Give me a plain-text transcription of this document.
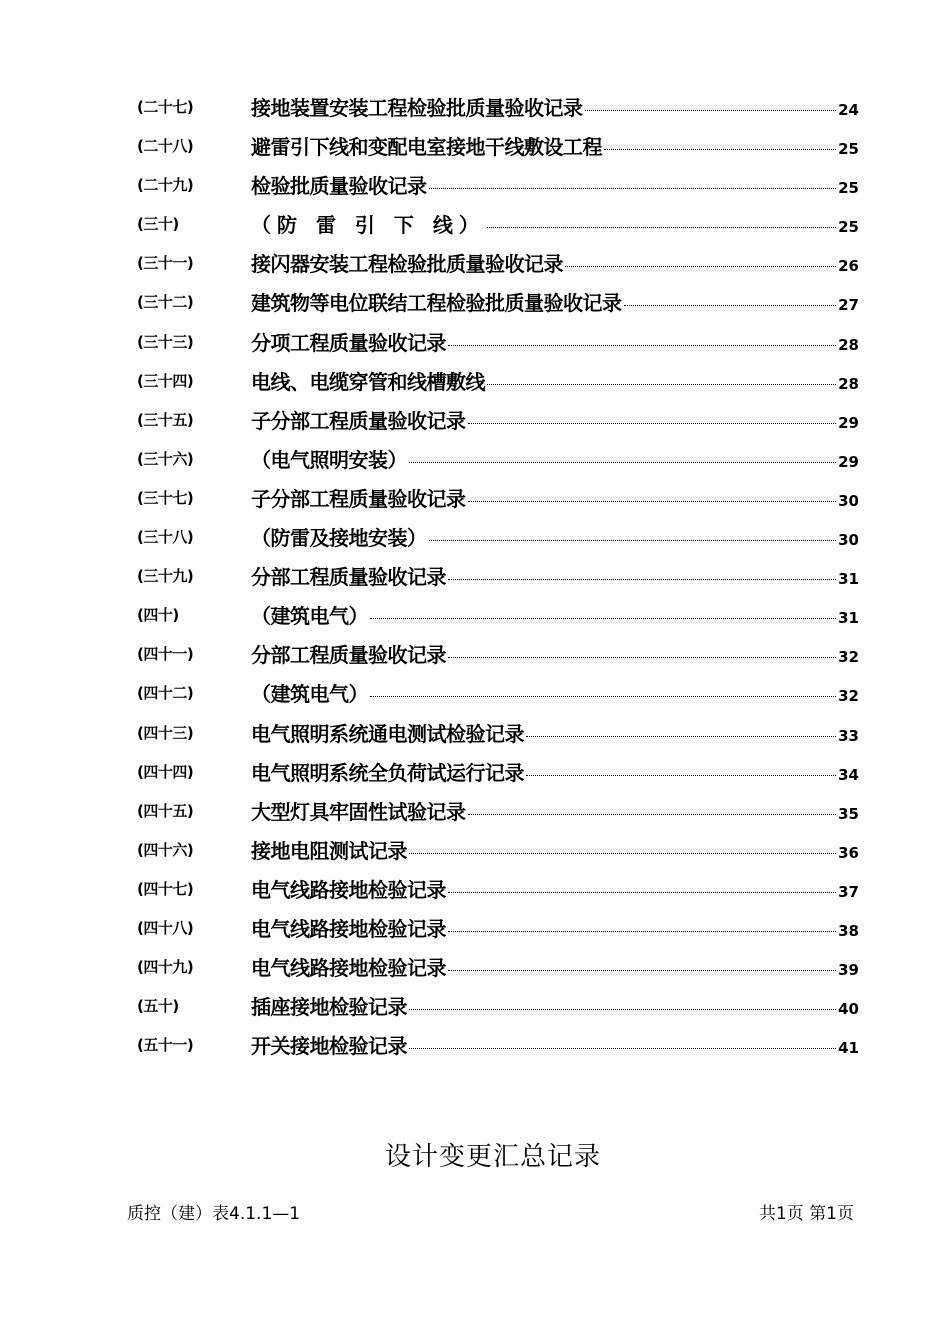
(二十七)	接地装置安装工程检验批质量验收记录	24
(二十八)	避雷引下线和变配电室接地干线敷设工程	25
(二十九)	检验批质量验收记录	25
(三十)	（防 雷 引 下 线）	25
(三十一)	接闪器安装工程检验批质量验收记录	26
(三十二)	建筑物等电位联结工程检验批质量验收记录	27
(三十三)	分项工程质量验收记录	28
(三十四)	电线、电缆穿管和线槽敷线	28
(三十五)	子分部工程质量验收记录	29
(三十六)	（电气照明安装）	29
(三十七)	子分部工程质量验收记录	30
(三十八)	（防雷及接地安装）	30
(三十九)	分部工程质量验收记录	31
(四十)	（建筑电气）	31
(四十一)	分部工程质量验收记录	32
(四十二)	（建筑电气）	32
(四十三)	电气照明系统通电测试检验记录	33
(四十四)	电气照明系统全负荷试运行记录	34
(四十五)	大型灯具牢固性试验记录	35
(四十六)	接地电阻测试记录	36
(四十七)	电气线路接地检验记录	37
(四十八)	电气线路接地检验记录	38
(四十九)	电气线路接地检验记录	39
(五十)	插座接地检验记录	40
(五十一)	开关接地检验记录	41
设计变更汇总记录
质控（建）表4.1.1—1	共1页 第1页
